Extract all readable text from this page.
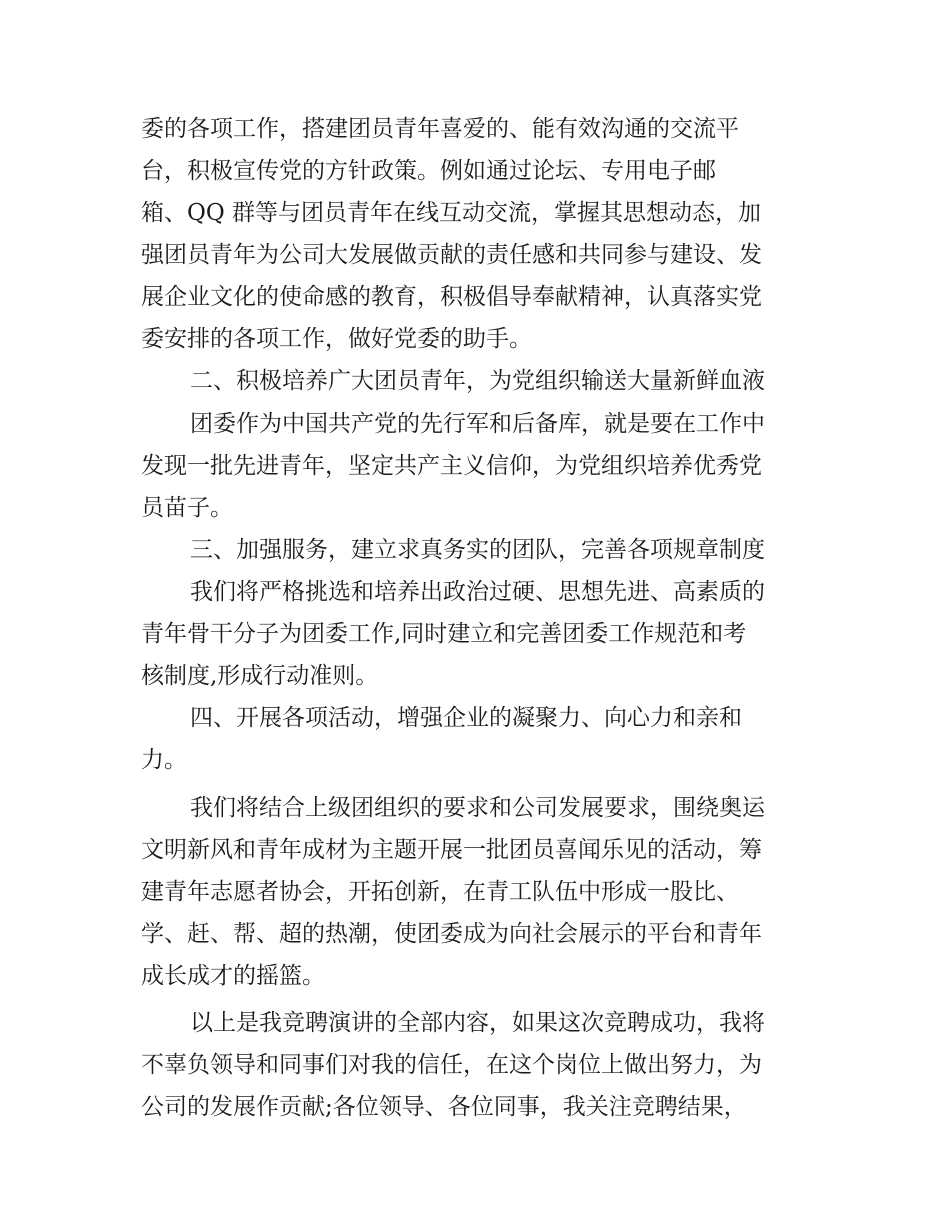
委的各项工作，搭建团员青年喜爱的、能有效沟通的交流平
台，积极宣传党的方针政策。例如通过论坛、专用电子邮
箱、QQ 群等与团员青年在线互动交流，掌握其思想动态，加
强团员青年为公司大发展做贡献的责任感和共同参与建设、发
展企业文化的使命感的教育，积极倡导奉献精神，认真落实党
委安排的各项工作，做好党委的助手。
二、积极培养广大团员青年，为党组织输送大量新鲜血液
团委作为中国共产党的先行军和后备库，就是要在工作中
发现一批先进青年，坚定共产主义信仰，为党组织培养优秀党
员苗子。
三、加强服务，建立求真务实的团队，完善各项规章制度
我们将严格挑选和培养出政治过硬、思想先进、高素质的
青年骨干分子为团委工作,同时建立和完善团委工作规范和考
核制度,形成行动准则。
四、开展各项活动，增强企业的凝聚力、向心力和亲和
力。
我们将结合上级团组织的要求和公司发展要求，围绕奥运
文明新风和青年成材为主题开展一批团员喜闻乐见的活动，筹
建青年志愿者协会，开拓创新，在青工队伍中形成一股比、
学、赶、帮、超的热潮，使团委成为向社会展示的平台和青年
成长成才的摇篮。
以上是我竞聘演讲的全部内容，如果这次竞聘成功，我将
不辜负领导和同事们对我的信任，在这个岗位上做出努力，为
公司的发展作贡献;各位领导、各位同事，我关注竞聘结果，
